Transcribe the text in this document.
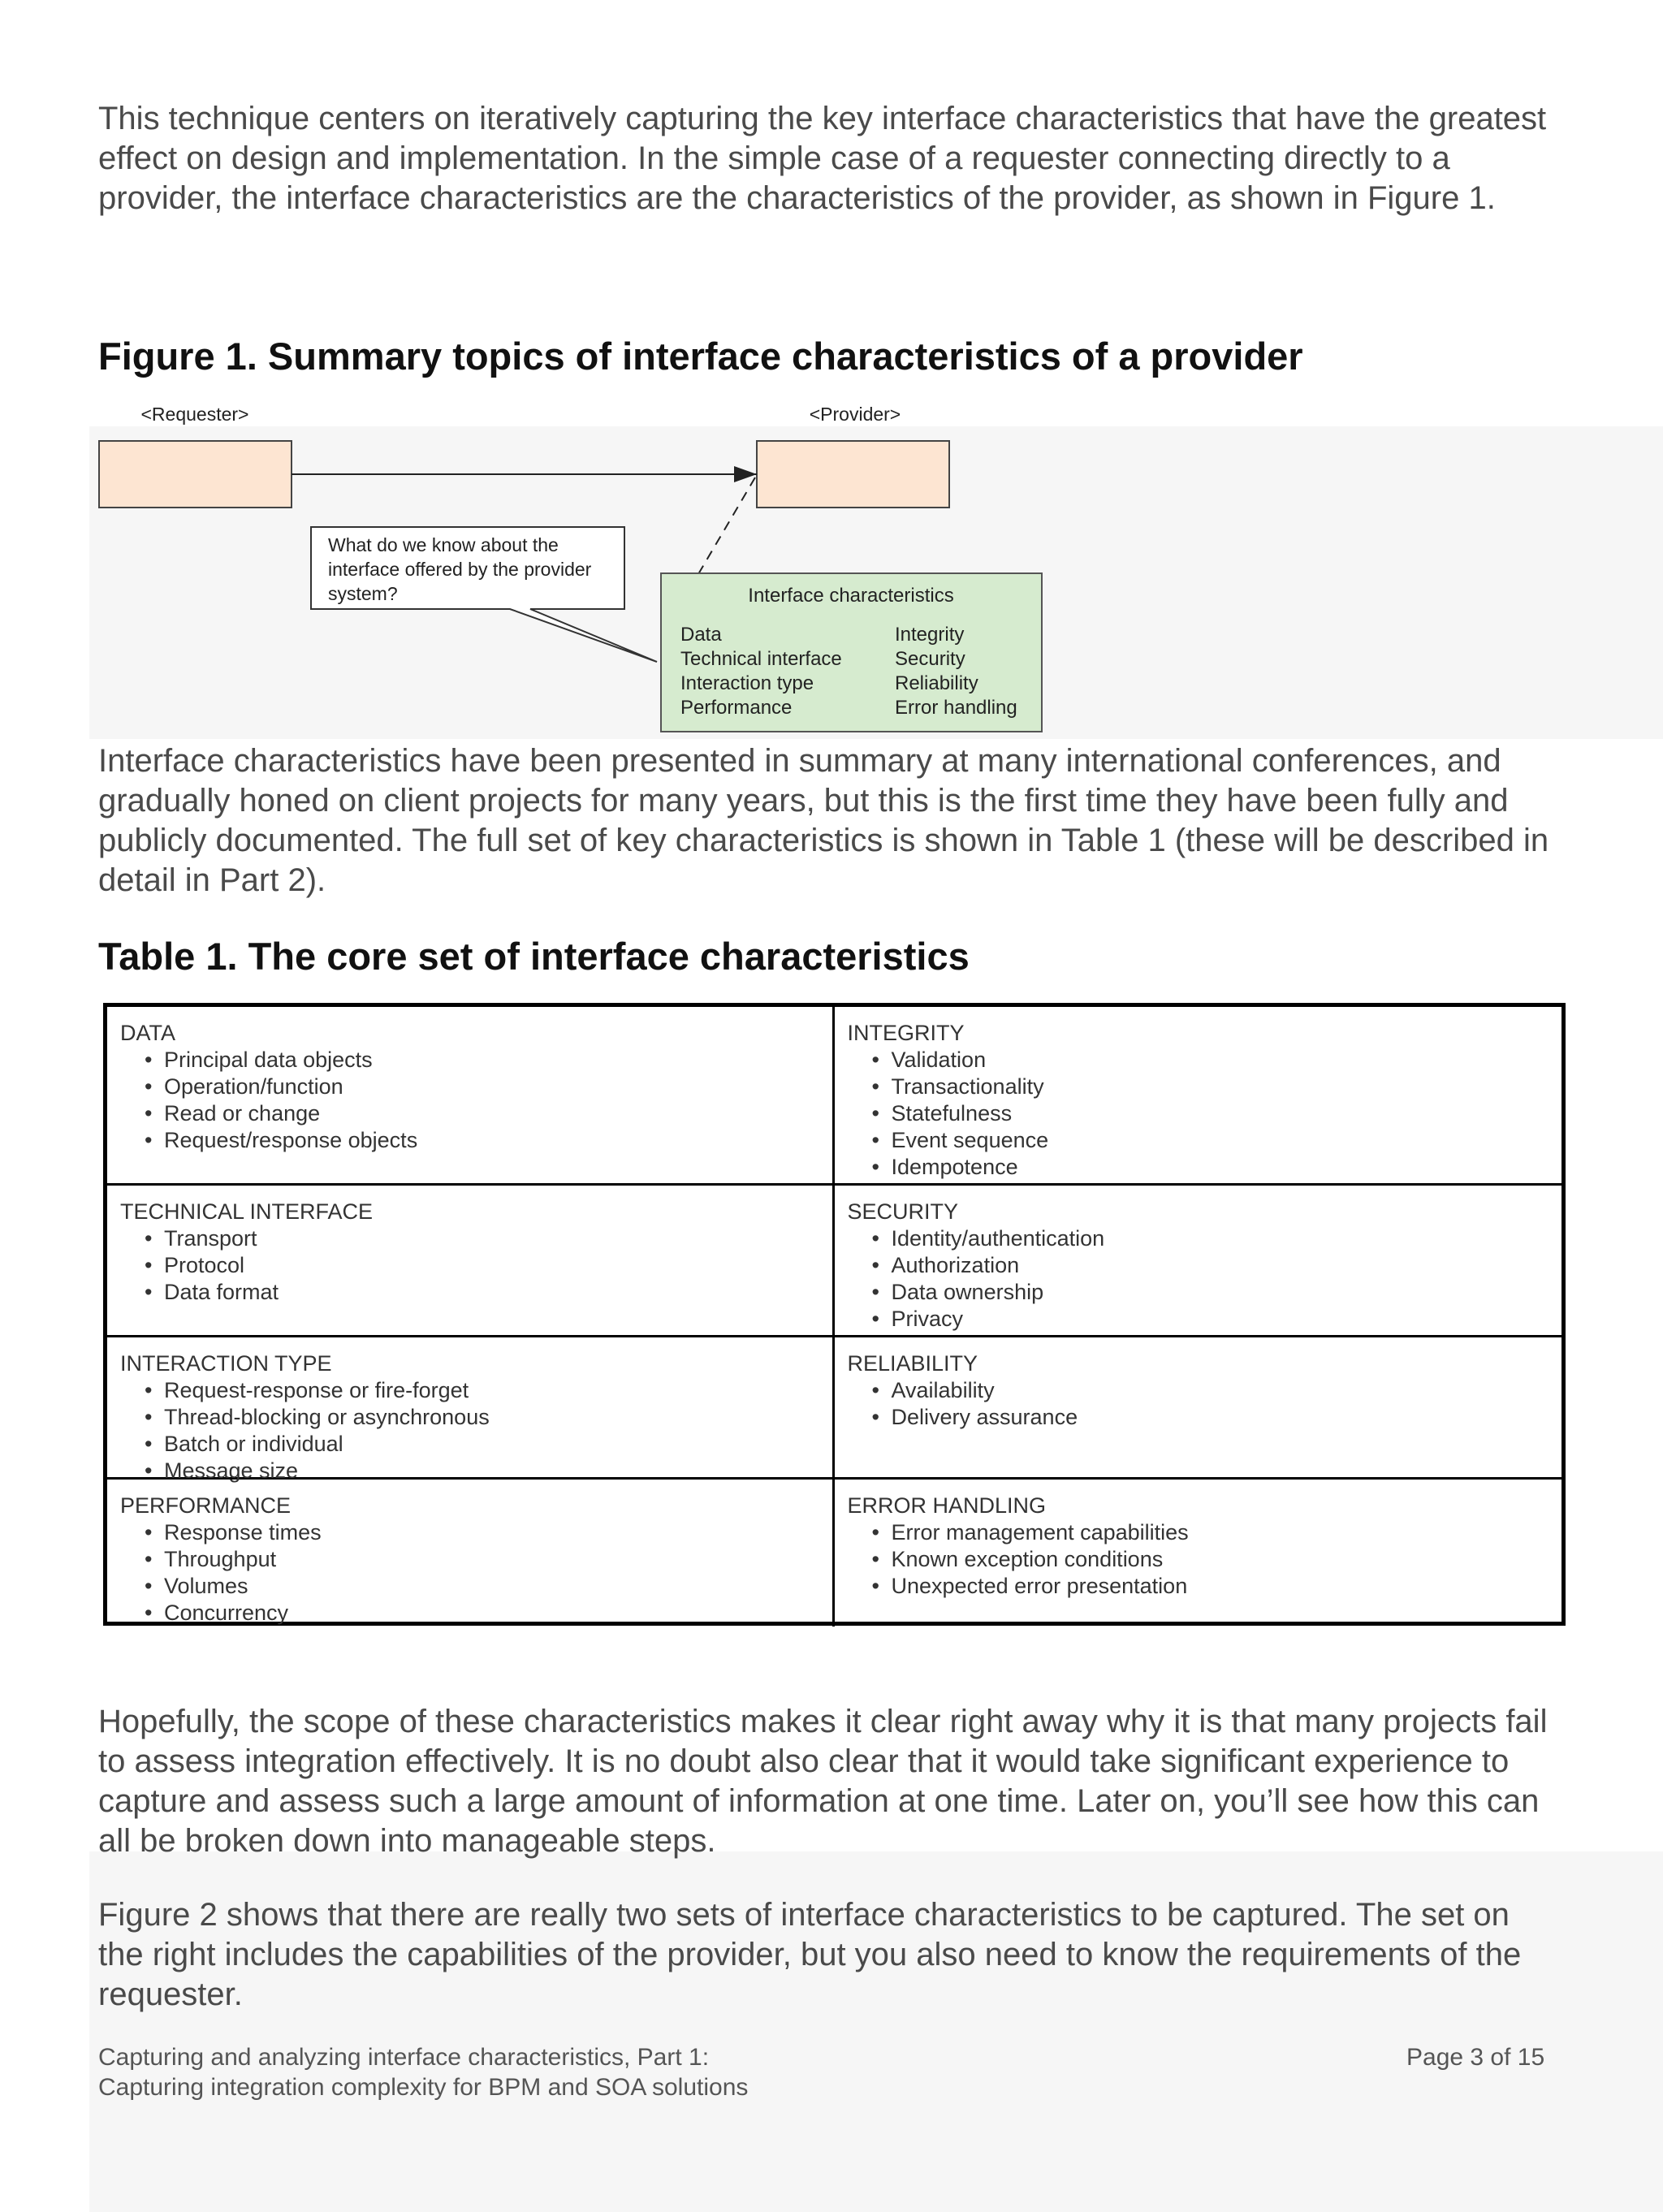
This technique centers on iteratively capturing the key interface characteristics that have the greatest effect on design and implementation. In the simple case of a requester connecting directly to a provider, the interface characteristics are the characteristics of the provider, as shown in Figure 1.

Figure 1. Summary topics of interface characteristics of a provider
<Requester>	<Provider>
What do we know about the interface offered by the provider system?	Interface characteristics
Data Technical interface Interaction type Performance
Integrity Security Reliability Error handling

Interface characteristics have been presented in summary at many international conferences, and gradually honed on client projects for many years, but this is the first time they have been fully and publicly documented. The full set of key characteristics is shown in Table 1 (these will be described in detail in Part 2).

Table 1. The core set of interface characteristics
DATA
• Principal data objects
• Operation/function
• Read or change
• Request/response objects
INTEGRITY
• Validation
• Transactionality
• Statefulness
• Event sequence
• Idempotence
TECHNICAL INTERFACE
• Transport
• Protocol
• Data format
SECURITY
• Identity/authentication
• Authorization
• Data ownership
• Privacy
INTERACTION TYPE
• Request-response or fire-forget
• Thread-blocking or asynchronous
• Batch or individual
• Message size
RELIABILITY
• Availability
• Delivery assurance
PERFORMANCE
• Response times
• Throughput
• Volumes
• Concurrency
ERROR HANDLING
• Error management capabilities
• Known exception conditions
• Unexpected error presentation

Hopefully, the scope of these characteristics makes it clear right away why it is that many projects fail to assess integration effectively. It is no doubt also clear that it would take significant experience to capture and assess such a large amount of information at one time. Later on, you’ll see how this can all be broken down into manageable steps.

Figure 2 shows that there are really two sets of interface characteristics to be captured. The set on the right includes the capabilities of the provider, but you also need to know the requirements of the requester.

Capturing and analyzing interface characteristics, Part 1:
Capturing integration complexity for BPM and SOA solutions
Page 3 of 15
